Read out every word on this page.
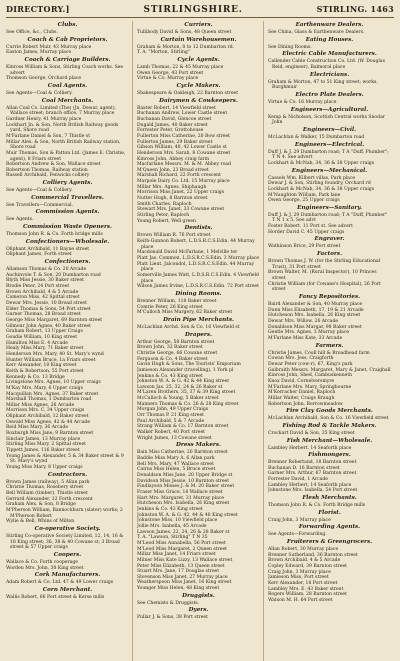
DIRECTORY.]	STIRLINGSHIRE.	STIRLING. 1463
Clubs.
See Office, &c., Clubs.
Coach & Cab Proprietors.
Currie Robert Muir, 43 Murray place
Easton James, Murray place
Coach & Carriage Builders.
Kinross William & Sons, Stirling Coach works. See advert
Thomson George, Orchard place
Coal Agents.
See Agents—Coal & Colliery.
Coal Merchants.
Allan Coal Co. Limited (The) (Jn. Dewar, agent), Wallace street; branch office, 7 Murray place
Gardner Henry, 41 Murray place
Lockhart Jn. & Son, North British Railway goods yard, Shore road
M'Farlane Daniel & Son, 7 Thistle st
Millar Alex. & Son, North British Railway station, Shore road
Muir Thomas, Son & Patton Ltd. (James E. Christie, agent), 8 Friars street
Robertson Andrew & Son, Wallace street
Robertson Thomas, Railway station
Russell Archibald, Fenwicks colliery
Colliery Agents.
See Agents—Coal & Colliery.
Commercial Travellers.
See Travellers—Commercial.
Commission Agents.
See Agents.
Commission Waste Openers.
Thomson John R. & Co. Forth bridge mills
Confectioners—Wholesale.
Oliphant Archibald, 11 Bayne street
Oliphant James, Forth street
Confectioners.
Allamson Thomas & Co. 20 Arcade
Auchinvole T. & Son, 20 Dumbarton road
Blyth Miss Jessie, 30 Baker street
Brodie Peter, 24 Port street
Brown Archibald, 4 & 5 Arcade
Cameron Miss, 42 Spittal street
Dewar Mrs. Jessie, 10 Broad street
Elder Thomas & Sons, 54 Port street
Garner Thomas, 28 Broad street
George Miss Margaret, 69 Barnton street
Gilmour John Agnes, 40 Baker street
Graham Robert, 13 Upper Craigs
Goudie William, 10 King street
Hamilton Miss E. 4 Arcade
Healy Miss Mary, 71 Baker street
Henderson Mrs. Mary, 40 St. Mary's wynd
Hunter William Bruce, 1a Friars street
Kerr Alexander, 10 King street
Keith & Robertson, 55 Port street
Kennedy & Co. 13 Bridge
Livingstone Mrs. Agnes, 10 Upper craigs
M'Kay Mrs. Mary, 6 Upper craigs
Macquillan Mrs. Agnes, 37 Baker street
Marshall Thomas, 1 Dumbarton road
Millar Miss Agnes, 26 Arcade
Morrison Mrs. C. 34 Upper craigs
Oliphant Archibald, 12 Baker street
Oswald Miss Agnes, 42 & 44 Arcade
Reid Miss Mary, 36 Arcade
Roxburgh Miss Jane, 9 Barnton street
Sinclair James, 13 Murray place
Stirling Miss Mary, 2 Spittal street
Tippett James, 116 Baker street
Young James & Alexander, 5 & 34 Baker street & 9 St. Mary's wynd
Young Miss Mary, 8 Upper craigs
Contractors.
Brown James (railway), 5 Allan park
Christie Thomas, Rosebery street
Bell William (timber), Thistle street
Gerrard Alexander, 12 Forth crescent
Graham Alex. & Son, 8 Bridge
M'Pherson William, Bannockburn (slater) works; 2 M'Pherson Robert
Wylie & Bell, Whins of Milton
Co-operative Society.
Stirling Co-operative Society Limited, 12, 14, 16 & 18 King street; 36, 38 & 40 Cowane st; 3 Broad street & 57 Upper craigs
Coopers.
Wallace & Co. Forth cooperage
Worden Mrs. John, 30 King street
Cork Manufacturers.
Adam Robert & Co. Ltd. 47 & 49 Lower craigs
Corn Merchant.
Wallis Robert, 66 Port street & Kerse mills
Curriers.
Tullibody David & Sons, 48 Queen street
Curtain Warehousemen.
Graham & Morton, 8 to 12 Dumbarton rd.
T. A. "Morton, Stirling"
Cycle Agents.
Lamb Thomas, 22 & 45 Murray place
Owen George, 43 Port street
Virtue & Co. Murray place
Cycle Makers.
Shakespeare & Oakleigh, 22 Barnton street
Dairymen & Cowkeepers.
Baxter Robert, 14 Viewfield street
Buchanan Andrew, Lower Castle street
Buchanan David, Glencoe street
Dugald James, 40 Baker street
Forrester Peter, Grottohouse
Fullerton Miss Catherine, 20 Bow street
Fullerton James, 29 Baker street
Gibson William, 40, 42 Lower Castle st
Henderson Mrs. Sarah, 8 Cowane street
Kinross John, Abbey craig farm
Macfarlane Messrs. M. & M. Abbey road
M'Queen John, 23 Broad street
Marshall Richard, 22 Forth crescent
Marpole Dairy Co. Ltd. 15 Murray place
Millar Mrs. Agnes, Shiphaugh
Morrison Miss Janet, 22 Upper craigs
Nutter Hugh, 8 Barnton street
Smith Charles, Raploch
Stewart Mrs. Janet, 33 Cowane street
Stirling Peter, Raploch
Young Robert, Well green
Dentists.
Brown William R. 76 Port street
Keith-Gunnon Robert, L.D.S.R.C.S.Edin. 44 Murray place
Macdonald David McFarlane, 1 Melville ter
Platt Jas. Common, L.D.S.R.C.S.Edin. 3 Murray place
Platt Lieut. Jalcondol, L.D.S.R.C.S.Edin. 44 Murray place
Somerville James Watt, L.D.S.R.C.S.Edin. 4 Viewfield place
Wilson James Irvine, L.D.S.R.C.S.Edin. 72 Port street
Dining Rooms.
Brenner William, 118 Baker street
Comrie Peter, 26 King street
M'Culloch Miss Margery, 62 Baker street
Drain Pipe Merchants.
McLachlan Archd. Son & Co. 16 Viewfield st
Drapers.
Arthur George, 58 Barnton street
Brown John, 32 Baker street
Christie George, 66 Cowane street
Ferguson & Co. 4 Baker street
Gavin Hugh & Sons, The Tourists' Emporium
Jamieson Alexander (travelling), 1 York pl
Jenkins & Co. 43 King street
Johnston W. A. & G. 42 & 44 King street
Lawson Jas. 25, 32, 24 & 26 Baker st
M'Laren Brothers, 35, 37 & 39 King street
McCulloch & Young, 5 Baker street
Manners Thomas & Co. 26 & 28 King street
Morgan John, 49 Upper Craigs
Orr Thomas P. 21 King street
Paul Archibald, 5 & 7 Arcade
Strang William & Co. 17 Barnton street
Walker Robert, 40 Port street
Wright James, 13 Cowane street
Dress Makers.
Bain Miss Catherine, 20 Barnton street
Baddie Miss Mary A. 6 Allan park
Bell Mrs. Mary, 47 Wallace street
Cairns Miss Helen, 5 Bruce street
Donaldson Miss Jane, 20 Upper Bridge st
Davidson Miss Jessie, 10 Barnton street
Findlayson Misses J. & M. 20 Baker street
Fraser Miss Grace, 16 Wallace street
Hart Mrs. Margaret, 31 Murray place
Hutcheson Mrs. Isabella, 26 King street
Jenkins & Co. 43 King street
Johnston W. A. & G. 42, 44 & 48 King street
Johnstone Miss, 10 Viewfield place
Jollie Mrs. Isabella, 45 Arcade
Lawson James, 22, 24, 26 & 28 Baker st
T. A. "Lawson, Stirling" T N 35
M'Leod Miss Annabella, 56 Port street
M'Leod Miss Margaret, 2 Queen street
Millar Miss Janet, 14 Friars street
Milner Miss Kate Lizzy, 13 Wallace street
Peter Miss Elizabeth, 13 Queen street
Stuart Mrs. Jane, 17 Douglas street
Stevenson Miss Janet, 27 Murray place
Weatherspoon Miss Janet, 16 King street
Younger Miss Helen, 48 King street
Druggists.
See Chemists & Druggists.
Dyers.
Pullar J. & Sons, 38 Port street
Earthenware Dealers.
See China, Glass & Earthenware Dealers.
Eating Houses.
See Dining Rooms.
Electric Cable Manufacturers.
Callender Cable Construction Co. Ltd. (W. Douglas Reid, engineer), Balmoral place
Electricians.
Graham & Morton, 47 to 51 King street; works, Burghmuir
Electro Plate Dealers.
Virtue & Co. 16 Murray place
Engineers—Agricultural.
Kemp & Nicholson, Scottish Central works Snodar John
Engineers—Civil.
McLachlan & Walker, 15 Dumbarton road
Engineers—Electrical.
Duff J. & J. 29 Dumbarton road; T A "Duff, Plumber"; T N 4. See advert
Lockhart & McNab, 34, 36 & 38 Upper craigs
Engineers—Mechanical.
Cassels Wm. Kilbert villas, Park place
Dewar J. & Son, Stirling foundry, Orchard rd
Lockhart & McNab, 34, 36 & 38 Upper craigs
M'Naughton William, Park lane
Owen George, 25 Upper craigs
Engineers—Sanitary.
Duff J. & J. 29 Dumbarton road; T A "Duff, Plumber" T N 1 x 5. See advt
Foster Robert, 11 Port st. See advert
Horder David C. 45 Upper craigs
Engraver.
Watkinson Brice, 29 Port street
Factors.
Brown Thomas J. W. (for the Stirling Educational Trust), 31 Port street
Brown Walter, M. (Rural Inspector), 10 Princes street
Christie William (for Cowane's Hospital), 26 Port street
Fancy Repositories.
Baird Alexander & Son, 40 Murray place
Dunn Miss Elisabeth, 17, 19 & 21 Arcade
Hutcheson Mrs. Isabella, 26 King street
Dewar Mrs. Willow, 26 Arcade
Donaldson Miss Margar, 98 Baker street
Gentle Mrs. Agnes, 3 Murray place
M'Farlane Miss Kate, 33 Arcade
Farmers.
Christie James, Coull hill & Broadhead farm
Cowan Mrs. Jess, Craigforth
Dewar Peter (cow-r), 67, King's park
Galbraith Messrs. Margaret, Mary & Janet, Craighall
Kinross John, Shed, Cambuskenneth
Knox David, Cornelversmyre
M'Farlane Mrs. Mary, Springbourne
M'Kerracher Daniel, Raploch
Millar Walter, Craigs Braugh
Robertson John, Borrowmeadow
Fire Clay Goods Merchants.
McLachlan Archibald, Son & Co. 16 Viewfield street
Fishing Rod & Tackle Makers.
Crockart David & Son, 35 King street
Fish Merchant—Wholesale.
Lambley Herbert, 14 Seaforth place
Fishmongers.
Brenner Robertand, 18 Barnton street
Buchanan D. 16 Barnton street
Garner Mrs. Arthur, 67 Barnton street
Forrester David, 1 Arcade
Lambley Herbert, 14 Seaforth place
Johnstone Mrs. Isabella, 54 Port street
Flesh Merchants.
Thomson John R. & Co. Forth Bridge mills
Florist.
Craig John, 3 Murray place
Forwarding Agents.
See Agents—Forwarding.
Fruiterers & Greengrocers.
Allan Robert, 30 Murray place
Brenner Sutherland, 36 Barnton street
Brown Archibald, 4 & 5 Arcade
Copley Edward, 39 Barnton street
Craig John, 3 Murray place
Jamieson Miss, Port street
Kerr Alexander, 18 Port street
Lambley Mrs. E. 43 Baker street
Rogers William, 28 Barnton street
Watson M. H. 64 Port street
